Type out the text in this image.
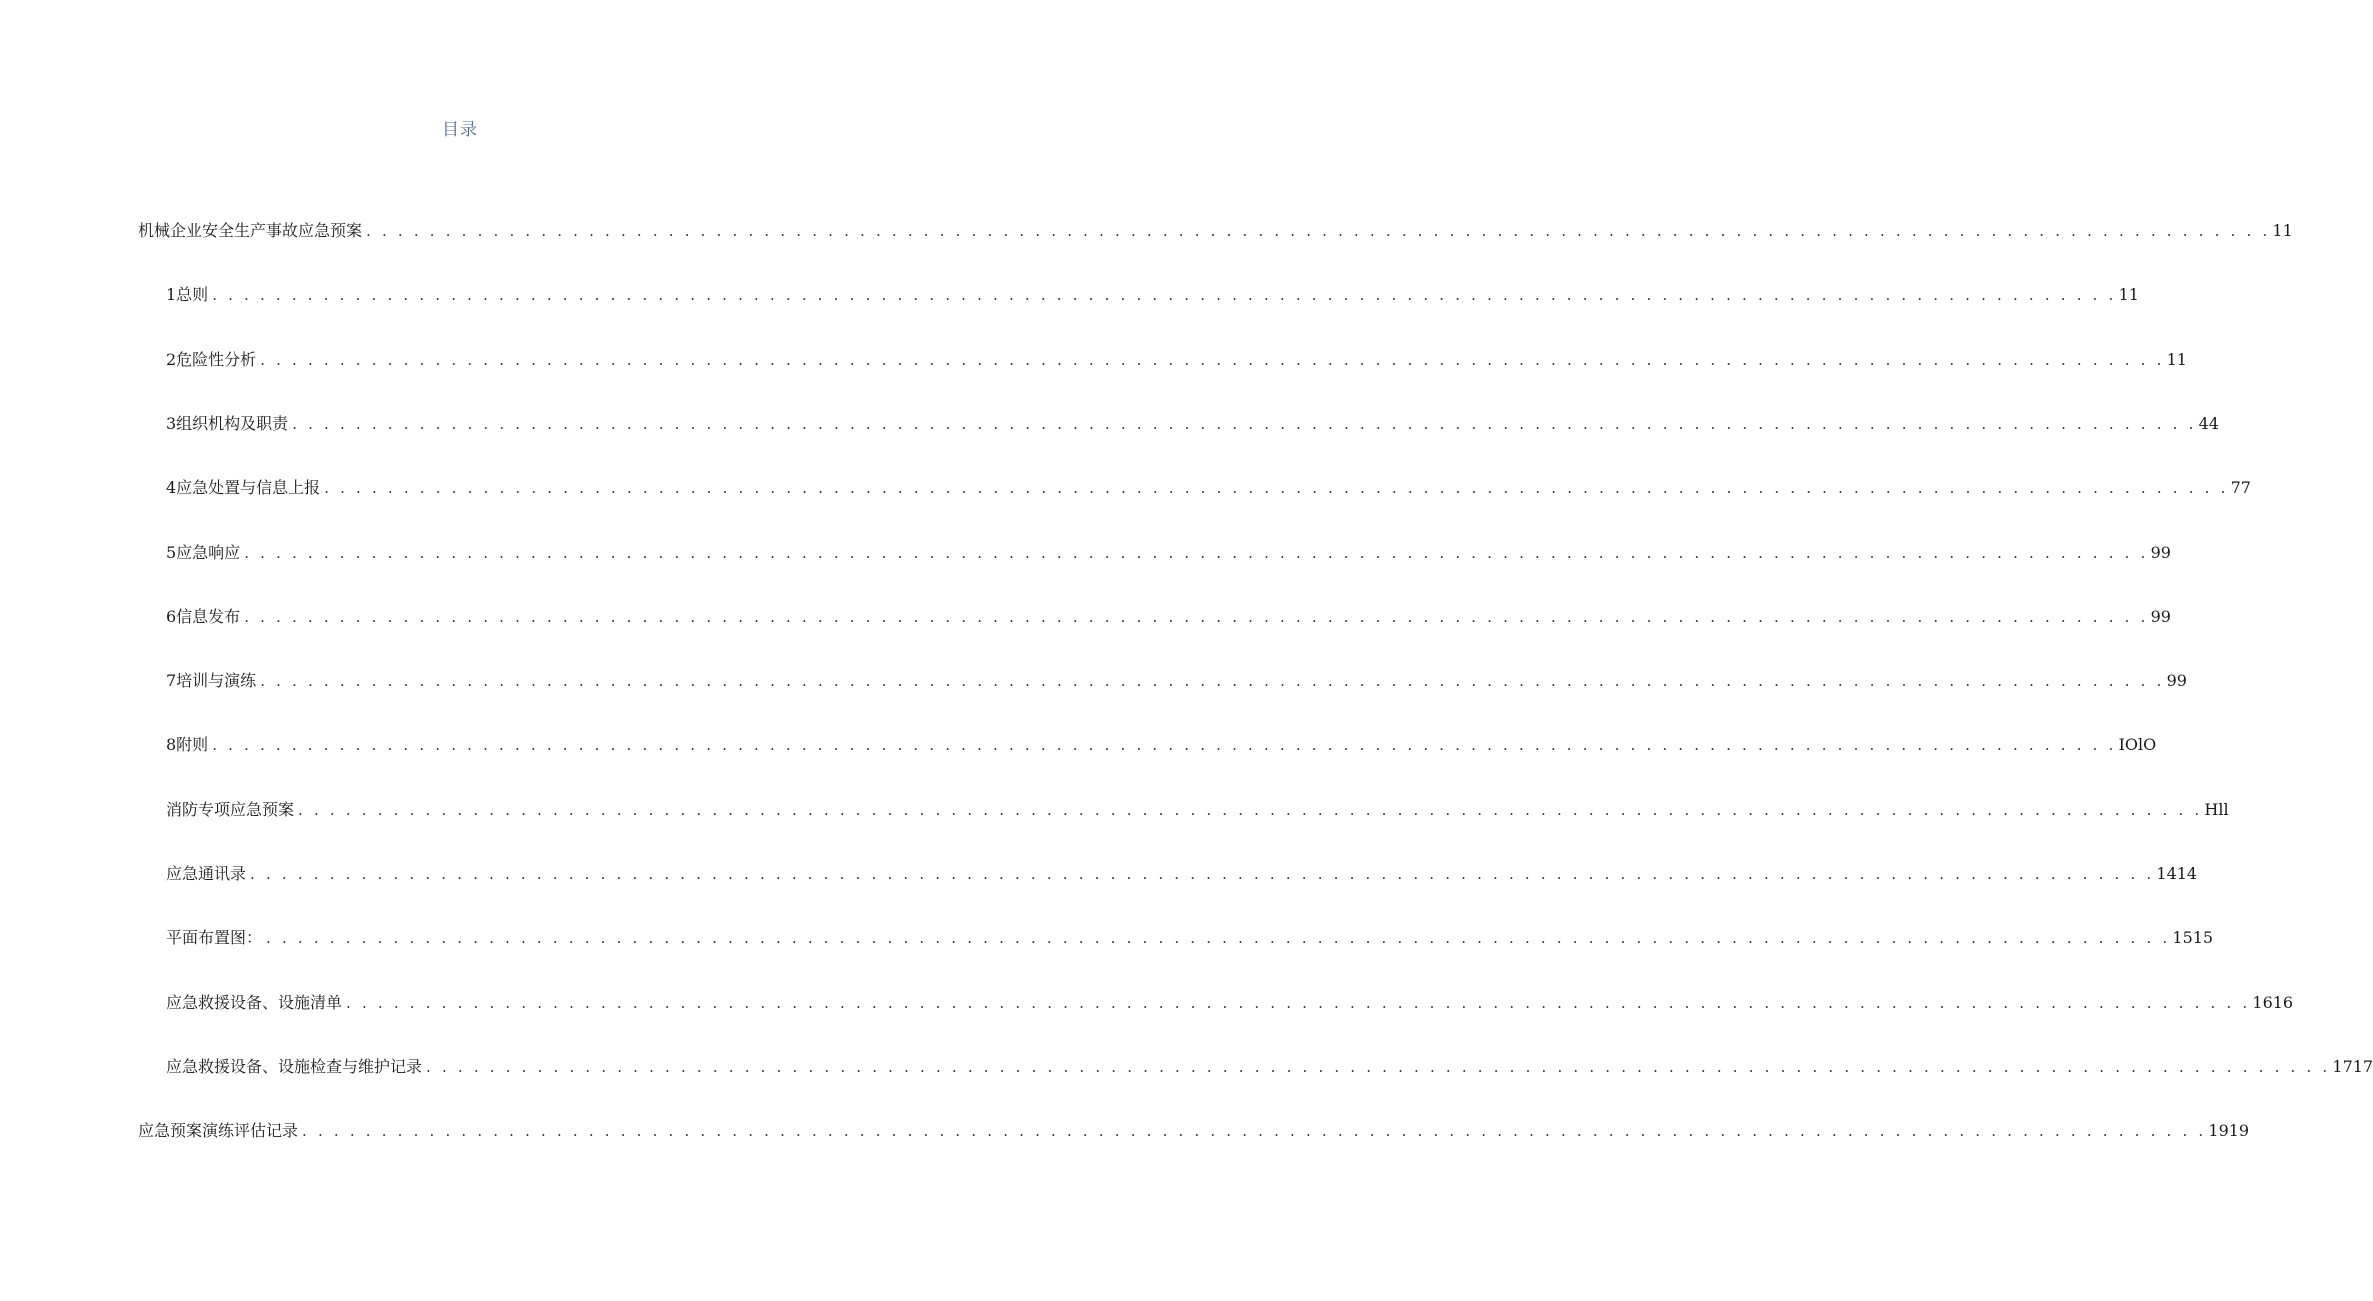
目录
机械企业安全生产事故应急预案 . . . . . . . . . . . . . . . . . . . . . . . . . . . . . . . . . . . . . . . . . . . . . . . . . . . . . . . . . . . . . . . . . . . . . . . . . . . . . . . . . . . . . . . . . . . . . . . . . . . . . . . . . . . . . . . . . . . . . . . . 11
1总则 . . . . . . . . . . . . . . . . . . . . . . . . . . . . . . . . . . . . . . . . . . . . . . . . . . . . . . . . . . . . . . . . . . . . . . . . . . . . . . . . . . . . . . . . . . . . . . . . . . . . . . . . . . . . . . . . . . . . . . . . 11
2危险性分析 . . . . . . . . . . . . . . . . . . . . . . . . . . . . . . . . . . . . . . . . . . . . . . . . . . . . . . . . . . . . . . . . . . . . . . . . . . . . . . . . . . . . . . . . . . . . . . . . . . . . . . . . . . . . . . . . . . . . . . . . 11
3组织机构及职责 . . . . . . . . . . . . . . . . . . . . . . . . . . . . . . . . . . . . . . . . . . . . . . . . . . . . . . . . . . . . . . . . . . . . . . . . . . . . . . . . . . . . . . . . . . . . . . . . . . . . . . . . . . . . . . . . . . . . . . . . 44
4应急处置与信息上报 . . . . . . . . . . . . . . . . . . . . . . . . . . . . . . . . . . . . . . . . . . . . . . . . . . . . . . . . . . . . . . . . . . . . . . . . . . . . . . . . . . . . . . . . . . . . . . . . . . . . . . . . . . . . . . . . . . . . . . . . 77
5应急响应 . . . . . . . . . . . . . . . . . . . . . . . . . . . . . . . . . . . . . . . . . . . . . . . . . . . . . . . . . . . . . . . . . . . . . . . . . . . . . . . . . . . . . . . . . . . . . . . . . . . . . . . . . . . . . . . . . . . . . . . . 99
6信息发布 . . . . . . . . . . . . . . . . . . . . . . . . . . . . . . . . . . . . . . . . . . . . . . . . . . . . . . . . . . . . . . . . . . . . . . . . . . . . . . . . . . . . . . . . . . . . . . . . . . . . . . . . . . . . . . . . . . . . . . . . 99
7培训与演练 . . . . . . . . . . . . . . . . . . . . . . . . . . . . . . . . . . . . . . . . . . . . . . . . . . . . . . . . . . . . . . . . . . . . . . . . . . . . . . . . . . . . . . . . . . . . . . . . . . . . . . . . . . . . . . . . . . . . . . . . 99
8附则 . . . . . . . . . . . . . . . . . . . . . . . . . . . . . . . . . . . . . . . . . . . . . . . . . . . . . . . . . . . . . . . . . . . . . . . . . . . . . . . . . . . . . . . . . . . . . . . . . . . . . . . . . . . . . . . . . . . . . . . . IOlO
消防专项应急预案 . . . . . . . . . . . . . . . . . . . . . . . . . . . . . . . . . . . . . . . . . . . . . . . . . . . . . . . . . . . . . . . . . . . . . . . . . . . . . . . . . . . . . . . . . . . . . . . . . . . . . . . . . . . . . . . . . . . . . . . . Hll
应急通讯录 . . . . . . . . . . . . . . . . . . . . . . . . . . . . . . . . . . . . . . . . . . . . . . . . . . . . . . . . . . . . . . . . . . . . . . . . . . . . . . . . . . . . . . . . . . . . . . . . . . . . . . . . . . . . . . . . . . . . . . . . 1414
平面布置图： . . . . . . . . . . . . . . . . . . . . . . . . . . . . . . . . . . . . . . . . . . . . . . . . . . . . . . . . . . . . . . . . . . . . . . . . . . . . . . . . . . . . . . . . . . . . . . . . . . . . . . . . . . . . . . . . . . . . . . . . 1515
应急救援设备、设施清单 . . . . . . . . . . . . . . . . . . . . . . . . . . . . . . . . . . . . . . . . . . . . . . . . . . . . . . . . . . . . . . . . . . . . . . . . . . . . . . . . . . . . . . . . . . . . . . . . . . . . . . . . . . . . . . . . . . . . . . . . 1616
应急救援设备、设施检查与维护记录 . . . . . . . . . . . . . . . . . . . . . . . . . . . . . . . . . . . . . . . . . . . . . . . . . . . . . . . . . . . . . . . . . . . . . . . . . . . . . . . . . . . . . . . . . . . . . . . . . . . . . . . . . . . . . . . . . . . . . . . . 1717
应急预案演练评估记录 . . . . . . . . . . . . . . . . . . . . . . . . . . . . . . . . . . . . . . . . . . . . . . . . . . . . . . . . . . . . . . . . . . . . . . . . . . . . . . . . . . . . . . . . . . . . . . . . . . . . . . . . . . . . . . . . . . . . . . . . 1919
